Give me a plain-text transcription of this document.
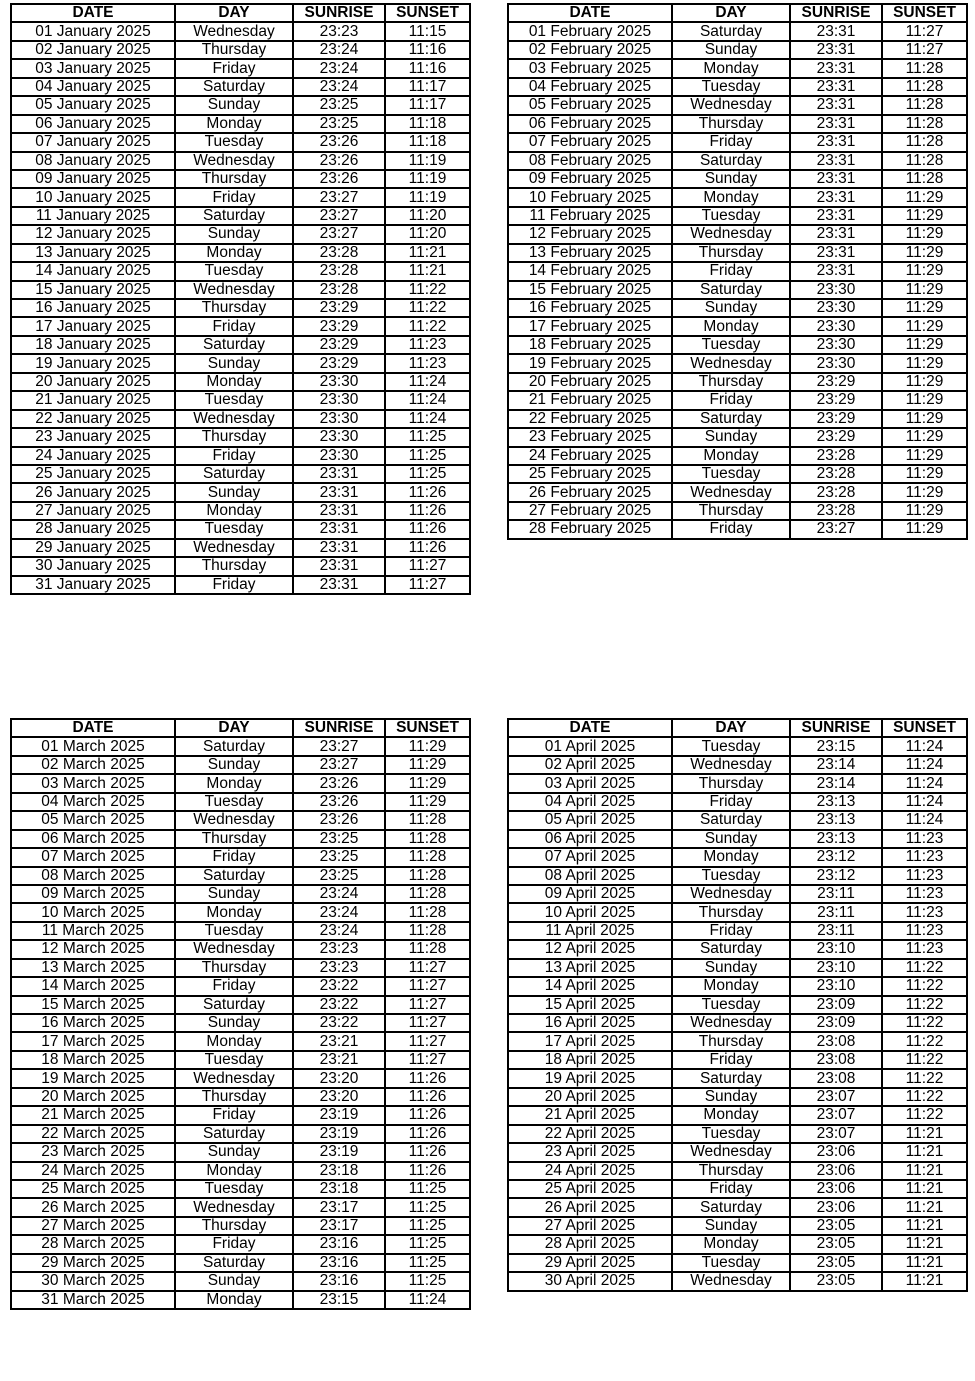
DATE	DAY	SUNRISE	SUNSET
01 January 2025	Wednesday	23:23	11:15
02 January 2025	Thursday	23:24	11:16
03 January 2025	Friday	23:24	11:16
04 January 2025	Saturday	23:24	11:17
05 January 2025	Sunday	23:25	11:17
06 January 2025	Monday	23:25	11:18
07 January 2025	Tuesday	23:26	11:18
08 January 2025	Wednesday	23:26	11:19
09 January 2025	Thursday	23:26	11:19
10 January 2025	Friday	23:27	11:19
11 January 2025	Saturday	23:27	11:20
12 January 2025	Sunday	23:27	11:20
13 January 2025	Monday	23:28	11:21
14 January 2025	Tuesday	23:28	11:21
15 January 2025	Wednesday	23:28	11:22
16 January 2025	Thursday	23:29	11:22
17 January 2025	Friday	23:29	11:22
18 January 2025	Saturday	23:29	11:23
19 January 2025	Sunday	23:29	11:23
20 January 2025	Monday	23:30	11:24
21 January 2025	Tuesday	23:30	11:24
22 January 2025	Wednesday	23:30	11:24
23 January 2025	Thursday	23:30	11:25
24 January 2025	Friday	23:30	11:25
25 January 2025	Saturday	23:31	11:25
26 January 2025	Sunday	23:31	11:26
27 January 2025	Monday	23:31	11:26
28 January 2025	Tuesday	23:31	11:26
29 January 2025	Wednesday	23:31	11:26
30 January 2025	Thursday	23:31	11:27
31 January 2025	Friday	23:31	11:27
DATE	DAY	SUNRISE	SUNSET
01 February 2025	Saturday	23:31	11:27
02 February 2025	Sunday	23:31	11:27
03 February 2025	Monday	23:31	11:28
04 February 2025	Tuesday	23:31	11:28
05 February 2025	Wednesday	23:31	11:28
06 February 2025	Thursday	23:31	11:28
07 February 2025	Friday	23:31	11:28
08 February 2025	Saturday	23:31	11:28
09 February 2025	Sunday	23:31	11:28
10 February 2025	Monday	23:31	11:29
11 February 2025	Tuesday	23:31	11:29
12 February 2025	Wednesday	23:31	11:29
13 February 2025	Thursday	23:31	11:29
14 February 2025	Friday	23:31	11:29
15 February 2025	Saturday	23:30	11:29
16 February 2025	Sunday	23:30	11:29
17 February 2025	Monday	23:30	11:29
18 February 2025	Tuesday	23:30	11:29
19 February 2025	Wednesday	23:30	11:29
20 February 2025	Thursday	23:29	11:29
21 February 2025	Friday	23:29	11:29
22 February 2025	Saturday	23:29	11:29
23 February 2025	Sunday	23:29	11:29
24 February 2025	Monday	23:28	11:29
25 February 2025	Tuesday	23:28	11:29
26 February 2025	Wednesday	23:28	11:29
27 February 2025	Thursday	23:28	11:29
28 February 2025	Friday	23:27	11:29
DATE	DAY	SUNRISE	SUNSET
01 March 2025	Saturday	23:27	11:29
02 March 2025	Sunday	23:27	11:29
03 March 2025	Monday	23:26	11:29
04 March 2025	Tuesday	23:26	11:29
05 March 2025	Wednesday	23:26	11:28
06 March 2025	Thursday	23:25	11:28
07 March 2025	Friday	23:25	11:28
08 March 2025	Saturday	23:25	11:28
09 March 2025	Sunday	23:24	11:28
10 March 2025	Monday	23:24	11:28
11 March 2025	Tuesday	23:24	11:28
12 March 2025	Wednesday	23:23	11:28
13 March 2025	Thursday	23:23	11:27
14 March 2025	Friday	23:22	11:27
15 March 2025	Saturday	23:22	11:27
16 March 2025	Sunday	23:22	11:27
17 March 2025	Monday	23:21	11:27
18 March 2025	Tuesday	23:21	11:27
19 March 2025	Wednesday	23:20	11:26
20 March 2025	Thursday	23:20	11:26
21 March 2025	Friday	23:19	11:26
22 March 2025	Saturday	23:19	11:26
23 March 2025	Sunday	23:19	11:26
24 March 2025	Monday	23:18	11:26
25 March 2025	Tuesday	23:18	11:25
26 March 2025	Wednesday	23:17	11:25
27 March 2025	Thursday	23:17	11:25
28 March 2025	Friday	23:16	11:25
29 March 2025	Saturday	23:16	11:25
30 March 2025	Sunday	23:16	11:25
31 March 2025	Monday	23:15	11:24
DATE	DAY	SUNRISE	SUNSET
01 April 2025	Tuesday	23:15	11:24
02 April 2025	Wednesday	23:14	11:24
03 April 2025	Thursday	23:14	11:24
04 April 2025	Friday	23:13	11:24
05 April 2025	Saturday	23:13	11:24
06 April 2025	Sunday	23:13	11:23
07 April 2025	Monday	23:12	11:23
08 April 2025	Tuesday	23:12	11:23
09 April 2025	Wednesday	23:11	11:23
10 April 2025	Thursday	23:11	11:23
11 April 2025	Friday	23:11	11:23
12 April 2025	Saturday	23:10	11:23
13 April 2025	Sunday	23:10	11:22
14 April 2025	Monday	23:10	11:22
15 April 2025	Tuesday	23:09	11:22
16 April 2025	Wednesday	23:09	11:22
17 April 2025	Thursday	23:08	11:22
18 April 2025	Friday	23:08	11:22
19 April 2025	Saturday	23:08	11:22
20 April 2025	Sunday	23:07	11:22
21 April 2025	Monday	23:07	11:22
22 April 2025	Tuesday	23:07	11:21
23 April 2025	Wednesday	23:06	11:21
24 April 2025	Thursday	23:06	11:21
25 April 2025	Friday	23:06	11:21
26 April 2025	Saturday	23:06	11:21
27 April 2025	Sunday	23:05	11:21
28 April 2025	Monday	23:05	11:21
29 April 2025	Tuesday	23:05	11:21
30 April 2025	Wednesday	23:05	11:21
